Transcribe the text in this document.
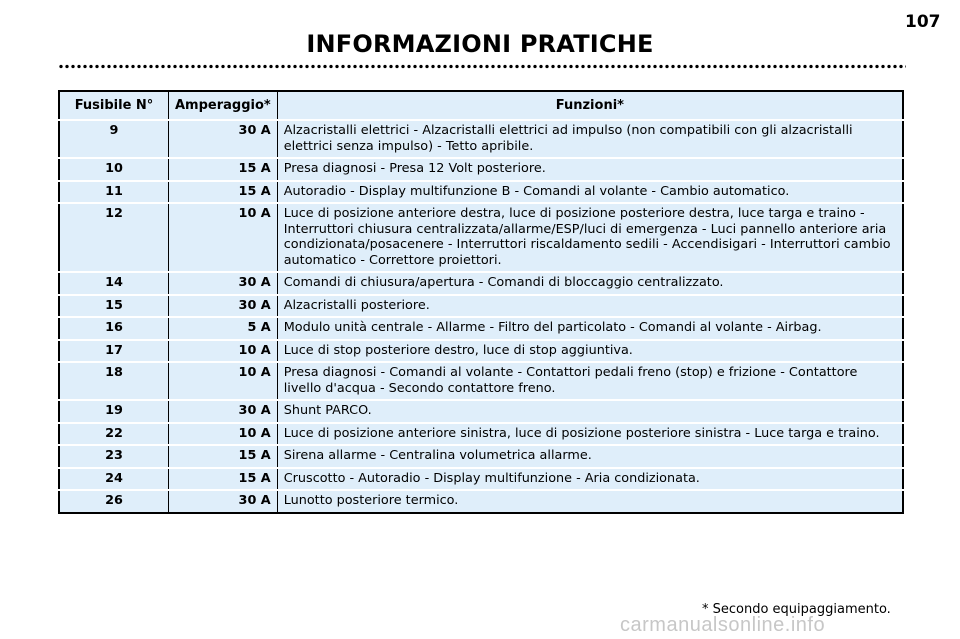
107
INFORMAZIONI PRATICHE
Fusibile N°	Amperaggio*	Funzioni*
9	30 A	Alzacristalli elettrici - Alzacristalli elettrici ad impulso (non compatibili con gli alzacristalli elettrici senza impulso) - Tetto apribile.
10	15 A	Presa diagnosi - Presa 12 Volt posteriore.
11	15 A	Autoradio - Display multifunzione B - Comandi al volante - Cambio automatico.
12	10 A	Luce di posizione anteriore destra, luce di posizione posteriore destra, luce targa e traino - Interruttori chiusura centralizzata/allarme/ESP/luci di emergenza - Luci pannello anteriore aria condizionata/posacenere - Interruttori riscaldamento sedili - Accendisigari - Interruttori cambio automatico - Correttore proiettori.
14	30 A	Comandi di chiusura/apertura - Comandi di bloccaggio centralizzato.
15	30 A	Alzacristalli posteriore.
16	5 A	Modulo unità centrale - Allarme - Filtro del particolato - Comandi al volante - Airbag.
17	10 A	Luce di stop posteriore destro, luce di stop aggiuntiva.
18	10 A	Presa diagnosi - Comandi al volante - Contattori pedali freno (stop) e frizione - Contattore livello d'acqua - Secondo contattore freno.
19	30 A	Shunt PARCO.
22	10 A	Luce di posizione anteriore sinistra, luce di posizione posteriore sinistra - Luce targa e traino.
23	15 A	Sirena allarme - Centralina volumetrica allarme.
24	15 A	Cruscotto - Autoradio - Display multifunzione - Aria condizionata.
26	30 A	Lunotto posteriore termico.
* Secondo equipaggiamento.
carmanualsonline.info
